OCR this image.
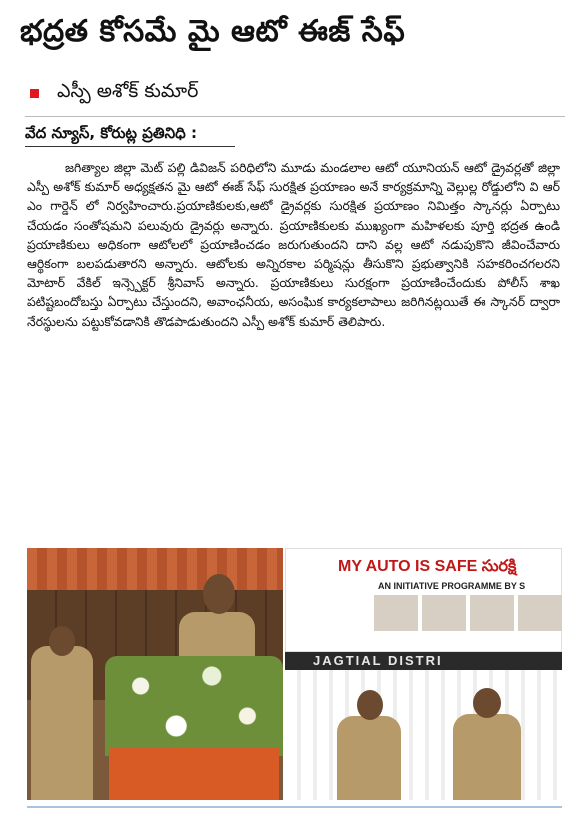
భద్రత కోసమే మై ఆటో ఈజ్ సేఫ్
ఎస్పీ అశోక్ కుమార్
వేద న్యూస్, కోరుట్ల ప్రతినిధి :

జగిత్యాల జిల్లా మెట్ పల్లి డివిజన్ పరిధిలోని మూడు మండలాల ఆటో యూనియన్ ఆటో డ్రైవర్లతో జిల్లా ఎస్పీ అశోక్ కుమార్ అధ్యక్షతన మై ఆటో ఈజ్ సేఫ్ సురక్షిత ప్రయాణం అనే కార్యక్రమాన్ని వెల్లుల్ల రోడ్డులోని వి ఆర్ ఎం గార్డెన్ లో నిర్వహించారు.ప్రయాణికులకు,ఆటో డ్రైవర్లకు సురక్షిత ప్రయాణం నిమిత్తం స్కానర్లు ఏర్పాటు చేయడం సంతోషమని పలువురు డ్రైవర్లు అన్నారు. ప్రయాణికులకు ముఖ్యంగా మహిళలకు పూర్తి భద్రత ఉండి ప్రయాణికులు అధికంగా ఆటోలలో ప్రయాణించడం జరుగుతుందని దాని వల్ల ఆటో నడుపుకొని జీవించేవారు ఆర్థికంగా బలపడుతారని అన్నారు. ఆటోలకు అన్నిరకాల పర్మిషన్లు తీసుకొని ప్రభుత్వానికి సహకరించగలరని మోటార్ వేకిల్ ఇన్స్పెక్టర్ శ్రీనివాస్ అన్నారు. ప్రయాణికులు సురక్షంగా ప్రయాణించేందుకు పోలీస్ శాఖ పటిష్టబందోబస్తు ఏర్పాటు చేస్తుందని, అవాంఛనీయ, అసంఘిక కార్యకలాపాలు జరిగినట్లయితే ఈ స్కానర్ ద్వారా నేరస్థులను పట్టుకోవడానికి తొడపాడుతుందని ఎస్పీ అశోక్ కుమార్ తెలిపారు.

MY AUTO IS SAFE సురక్షి
AN INITIATIVE PROGRAMME BY S
JAGTIAL DISTRI
